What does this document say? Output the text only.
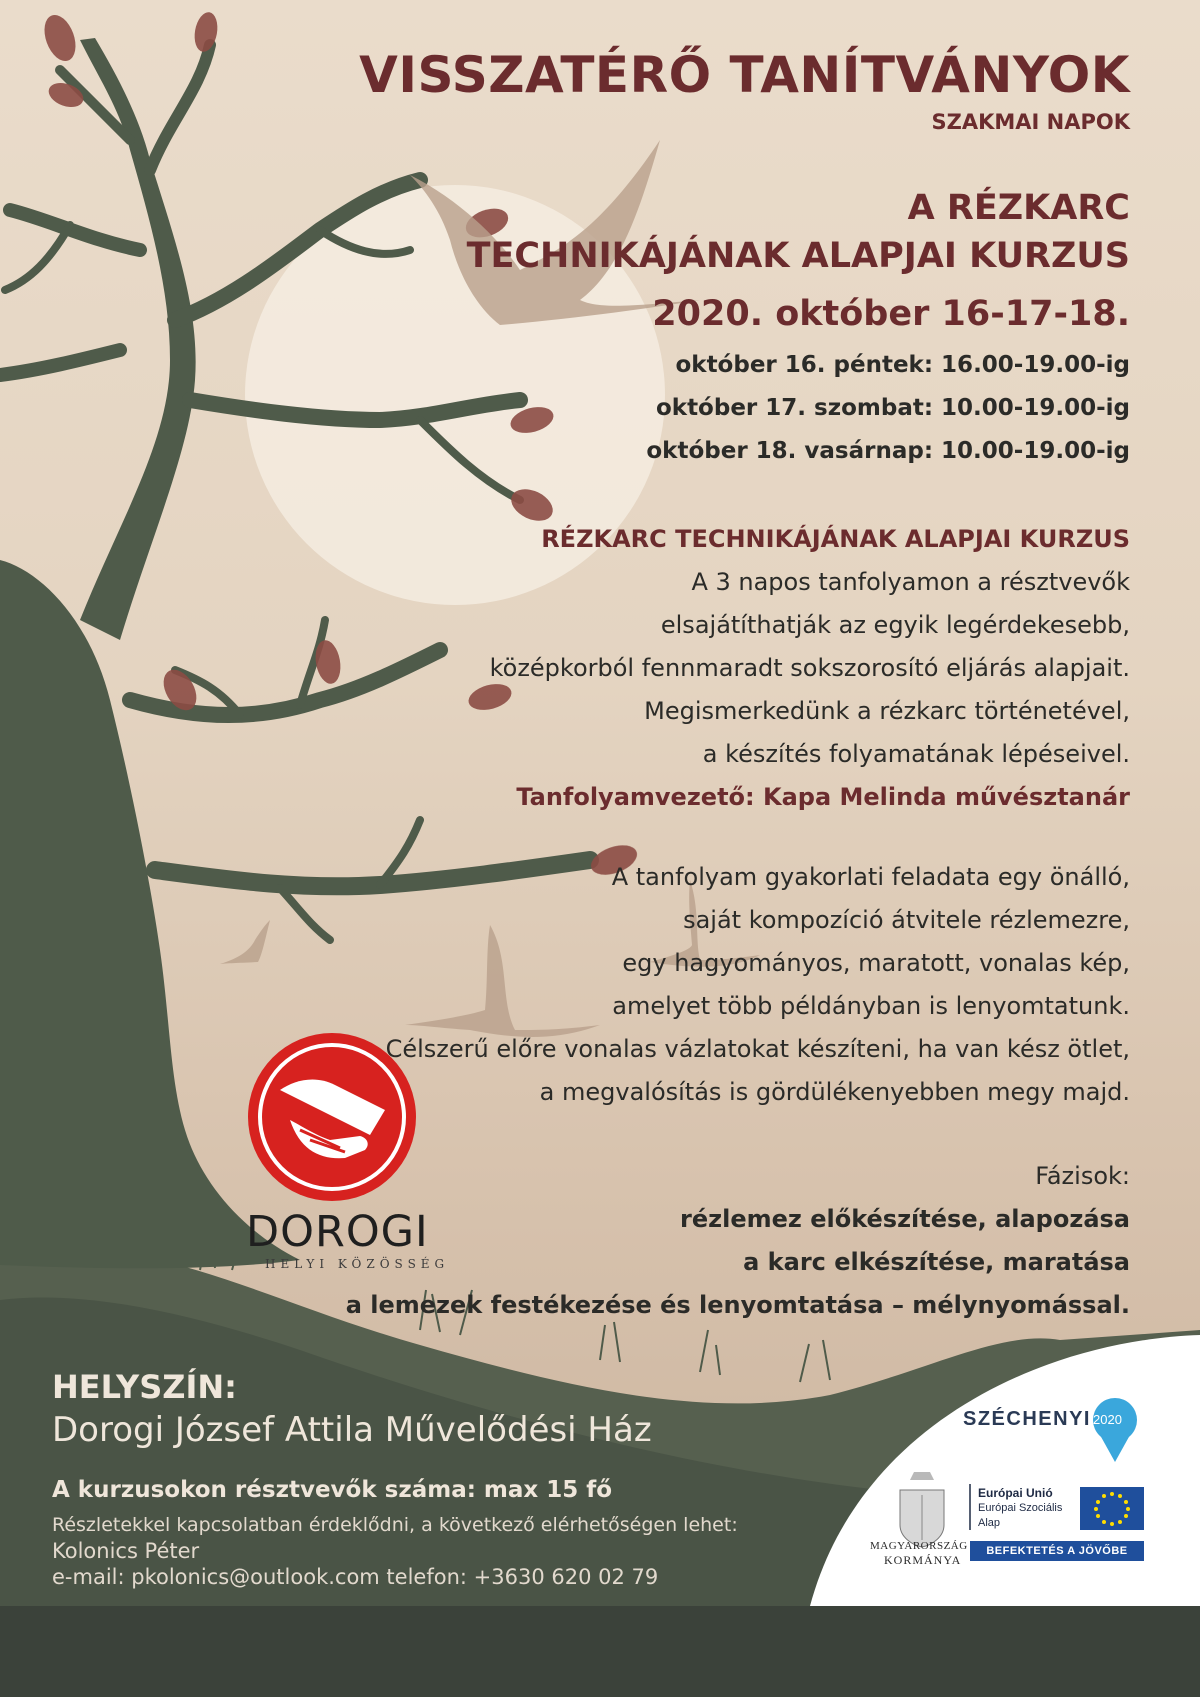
VISSZATÉRŐ TANÍTVÁNYOK
SZAKMAI NAPOK
A RÉZKARC
TECHNIKÁJÁNAK ALAPJAI KURZUS
2020. október 16-17-18.
október 16. péntek: 16.00-19.00-ig
október 17. szombat: 10.00-19.00-ig
október 18. vasárnap: 10.00-19.00-ig
RÉZKARC TECHNIKÁJÁNAK ALAPJAI KURZUS
A 3 napos tanfolyamon a résztvevők
elsajátíthatják az egyik legérdekesebb,
középkorból fennmaradt sokszorosító eljárás alapjait.
Megismerkedünk a rézkarc történetével,
a készítés folyamatának lépéseivel.
Tanfolyamvezető: Kapa Melinda művésztanár
A tanfolyam gyakorlati feladata egy önálló,
saját kompozíció átvitele rézlemezre,
egy hagyományos, maratott, vonalas kép,
amelyet több példányban is lenyomtatunk.
Célszerű előre vonalas vázlatokat készíteni, ha van kész ötlet,
a megvalósítás is gördülékenyebben megy majd.
Fázisok:
rézlemez előkészítése, alapozása
a karc elkészítése, maratása
a lemezek festékezése és lenyomtatása – mélynyomással.
DOROGI
HELYI KÖZÖSSÉG
HELYSZÍN:
Dorogi József Attila Művelődési Ház
A kurzusokon résztvevők száma: max 15 fő
Részletekkel kapcsolatban érdeklődni, a következő elérhetőségen lehet:
Kolonics Péter
e-mail: pkolonics@outlook.com telefon: +3630 620 02 79
SZÉCHENYI 2020
Európai Unió
Európai Szociális
Alap
BEFEKTETÉS A JÖVŐBE
MAGYARORSZÁG
KORMÁNYA
